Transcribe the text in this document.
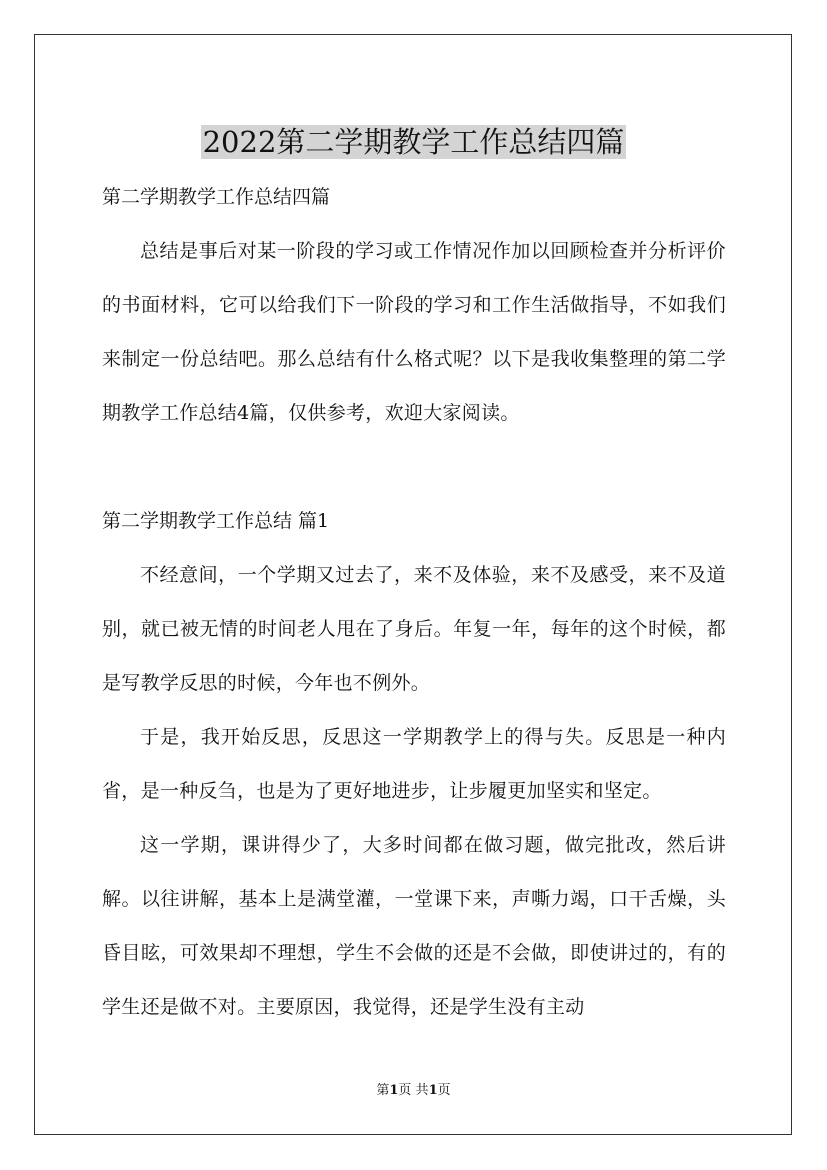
2022第二学期教学工作总结四篇

第二学期教学工作总结四篇

总结是事后对某一阶段的学习或工作情况作加以回顾检查并分析评价的书面材料，它可以给我们下一阶段的学习和工作生活做指导，不如我们来制定一份总结吧。那么总结有什么格式呢？以下是我收集整理的第二学期教学工作总结4篇，仅供参考，欢迎大家阅读。

第二学期教学工作总结 篇1

不经意间，一个学期又过去了，来不及体验，来不及感受，来不及道别，就已被无情的时间老人甩在了身后。年复一年，每年的这个时候，都是写教学反思的时候，今年也不例外。

于是，我开始反思，反思这一学期教学上的得与失。反思是一种内省，是一种反刍，也是为了更好地进步，让步履更加坚实和坚定。

这一学期，课讲得少了，大多时间都在做习题，做完批改，然后讲解。以往讲解，基本上是满堂灌，一堂课下来，声嘶力竭，口干舌燥，头昏目眩，可效果却不理想，学生不会做的还是不会做，即使讲过的，有的学生还是做不对。主要原因，我觉得，还是学生没有主动

第1页 共1页
